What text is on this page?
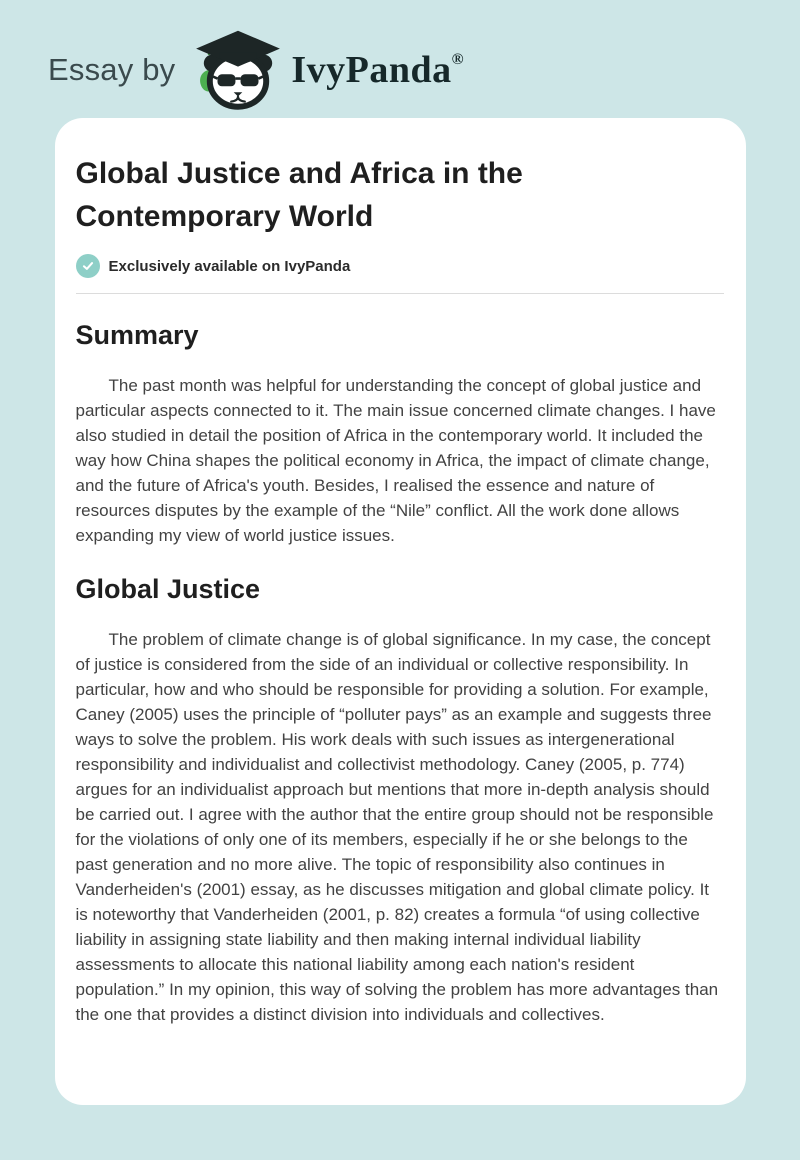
Essay by	IvyPanda®
Global Justice and Africa in the Contemporary World
Exclusively available on IvyPanda
Summary

The past month was helpful for understanding the concept of global justice and particular aspects connected to it. The main issue concerned climate changes. I have also studied in detail the position of Africa in the contemporary world. It included the way how China shapes the political economy in Africa, the impact of climate change, and the future of Africa's youth. Besides, I realised the essence and nature of resources disputes by the example of the “Nile” conflict. All the work done allows expanding my view of world justice issues.

Global Justice

The problem of climate change is of global significance. In my case, the concept of justice is considered from the side of an individual or collective responsibility. In particular, how and who should be responsible for providing a solution. For example, Caney (2005) uses the principle of “polluter pays” as an example and suggests three ways to solve the problem. His work deals with such issues as intergenerational responsibility and individualist and collectivist methodology. Caney (2005, p. 774) argues for an individualist approach but mentions that more in-depth analysis should be carried out. I agree with the author that the entire group should not be responsible for the violations of only one of its members, especially if he or she belongs to the past generation and no more alive. The topic of responsibility also continues in Vanderheiden's (2001) essay, as he discusses mitigation and global climate policy. It is noteworthy that Vanderheiden (2001, p. 82) creates a formula “of using collective liability in assigning state liability and then making internal individual liability assessments to allocate this national liability among each nation's resident population.” In my opinion, this way of solving the problem has more advantages than the one that provides a distinct division into individuals and collectives.
